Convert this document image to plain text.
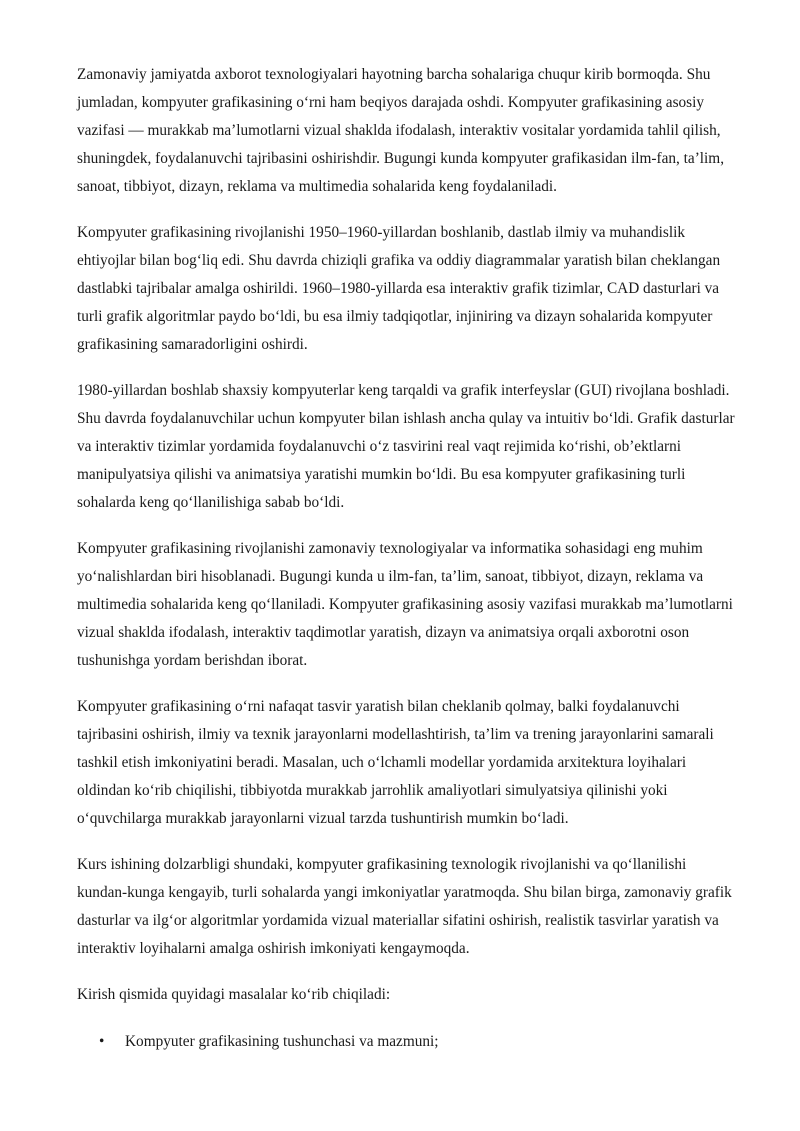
Zamonaviy jamiyatda axborot texnologiyalari hayotning barcha sohalariga chuqur kirib bormoqda. Shu jumladan, kompyuter grafikasining oʻrni ham beqiyos darajada oshdi. Kompyuter grafikasining asosiy vazifasi — murakkab maʼlumotlarni vizual shaklda ifodalash, interaktiv vositalar yordamida tahlil qilish, shuningdek, foydalanuvchi tajribasini oshirishdir. Bugungi kunda kompyuter grafikasidan ilm-fan, taʼlim, sanoat, tibbiyot, dizayn, reklama va multimedia sohalarida keng foydalaniladi.

Kompyuter grafikasining rivojlanishi 1950–1960-yillardan boshlanib, dastlab ilmiy va muhandislik ehtiyojlar bilan bogʻliq edi. Shu davrda chiziqli grafika va oddiy diagrammalar yaratish bilan cheklangan dastlabki tajribalar amalga oshirildi. 1960–1980-yillarda esa interaktiv grafik tizimlar, CAD dasturlari va turli grafik algoritmlar paydo boʻldi, bu esa ilmiy tadqiqotlar, injiniring va dizayn sohalarida kompyuter grafikasining samaradorligini oshirdi.

1980-yillardan boshlab shaxsiy kompyuterlar keng tarqaldi va grafik interfeyslar (GUI) rivojlana boshladi. Shu davrda foydalanuvchilar uchun kompyuter bilan ishlash ancha qulay va intuitiv boʻldi. Grafik dasturlar va interaktiv tizimlar yordamida foydalanuvchi oʻz tasvirini real vaqt rejimida koʻrishi, obʼektlarni manipulyatsiya qilishi va animatsiya yaratishi mumkin boʻldi. Bu esa kompyuter grafikasining turli sohalarda keng qoʻllanilishiga sabab boʻldi.

Kompyuter grafikasining rivojlanishi zamonaviy texnologiyalar va informatika sohasidagi eng muhim yoʻnalishlardan biri hisoblanadi. Bugungi kunda u ilm-fan, taʼlim, sanoat, tibbiyot, dizayn, reklama va multimedia sohalarida keng qoʻllaniladi. Kompyuter grafikasining asosiy vazifasi murakkab maʼlumotlarni vizual shaklda ifodalash, interaktiv taqdimotlar yaratish, dizayn va animatsiya orqali axborotni oson tushunishga yordam berishdan iborat.

Kompyuter grafikasining oʻrni nafaqat tasvir yaratish bilan cheklanib qolmay, balki foydalanuvchi tajribasini oshirish, ilmiy va texnik jarayonlarni modellashtirish, taʼlim va trening jarayonlarini samarali tashkil etish imkoniyatini beradi. Masalan, uch oʻlchamli modellar yordamida arxitektura loyihalari oldindan koʻrib chiqilishi, tibbiyotda murakkab jarrohlik amaliyotlari simulyatsiya qilinishi yoki oʻquvchilarga murakkab jarayonlarni vizual tarzda tushuntirish mumkin boʻladi.

Kurs ishining dolzarbligi shundaki, kompyuter grafikasining texnologik rivojlanishi va qoʻllanilishi kundan-kunga kengayib, turli sohalarda yangi imkoniyatlar yaratmoqda. Shu bilan birga, zamonaviy grafik dasturlar va ilgʻor algoritmlar yordamida vizual materiallar sifatini oshirish, realistik tasvirlar yaratish va interaktiv loyihalarni amalga oshirish imkoniyati kengaymoqda.

Kirish qismida quyidagi masalalar koʻrib chiqiladi:

• Kompyuter grafikasining tushunchasi va mazmuni;
